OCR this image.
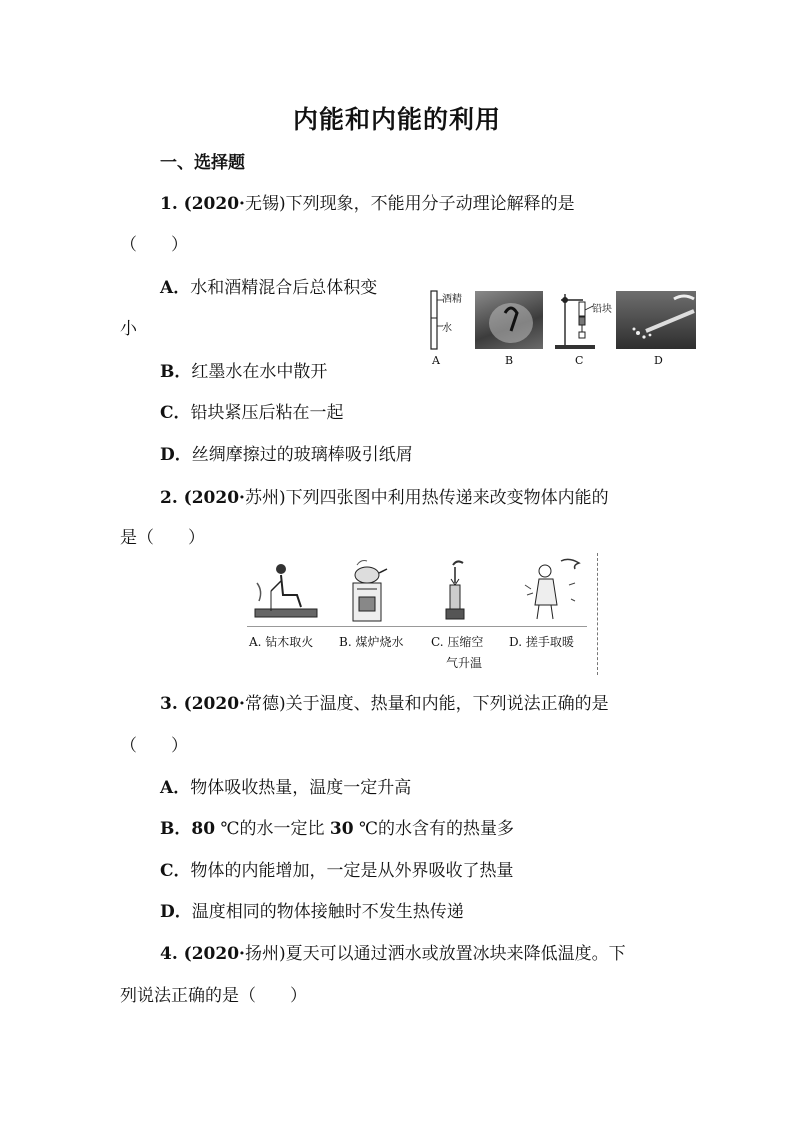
内能和内能的利用
一、选择题
1. (2020·无锡)下列现象，不能用分子动理论解释的是
（　　）
A．水和酒精混合后总体积变
小
B．红墨水在水中散开
C．铅块紧压后粘在一起
D．丝绸摩擦过的玻璃棒吸引纸屑
酒精
水
铅块
A	B	C	D
2. (2020·苏州)下列四张图中利用热传递来改变物体内能的
是（　　）
A. 钻木取火 B. 煤炉烧水 C. 压缩空
气升温
D. 搓手取暖
3. (2020·常德)关于温度、热量和内能，下列说法正确的是
（　　）
A．物体吸收热量，温度一定升高
B．80 ℃的水一定比 30 ℃的水含有的热量多
C．物体的内能增加，一定是从外界吸收了热量
D．温度相同的物体接触时不发生热传递
4. (2020·扬州)夏天可以通过洒水或放置冰块来降低温度。下
列说法正确的是（　　）
